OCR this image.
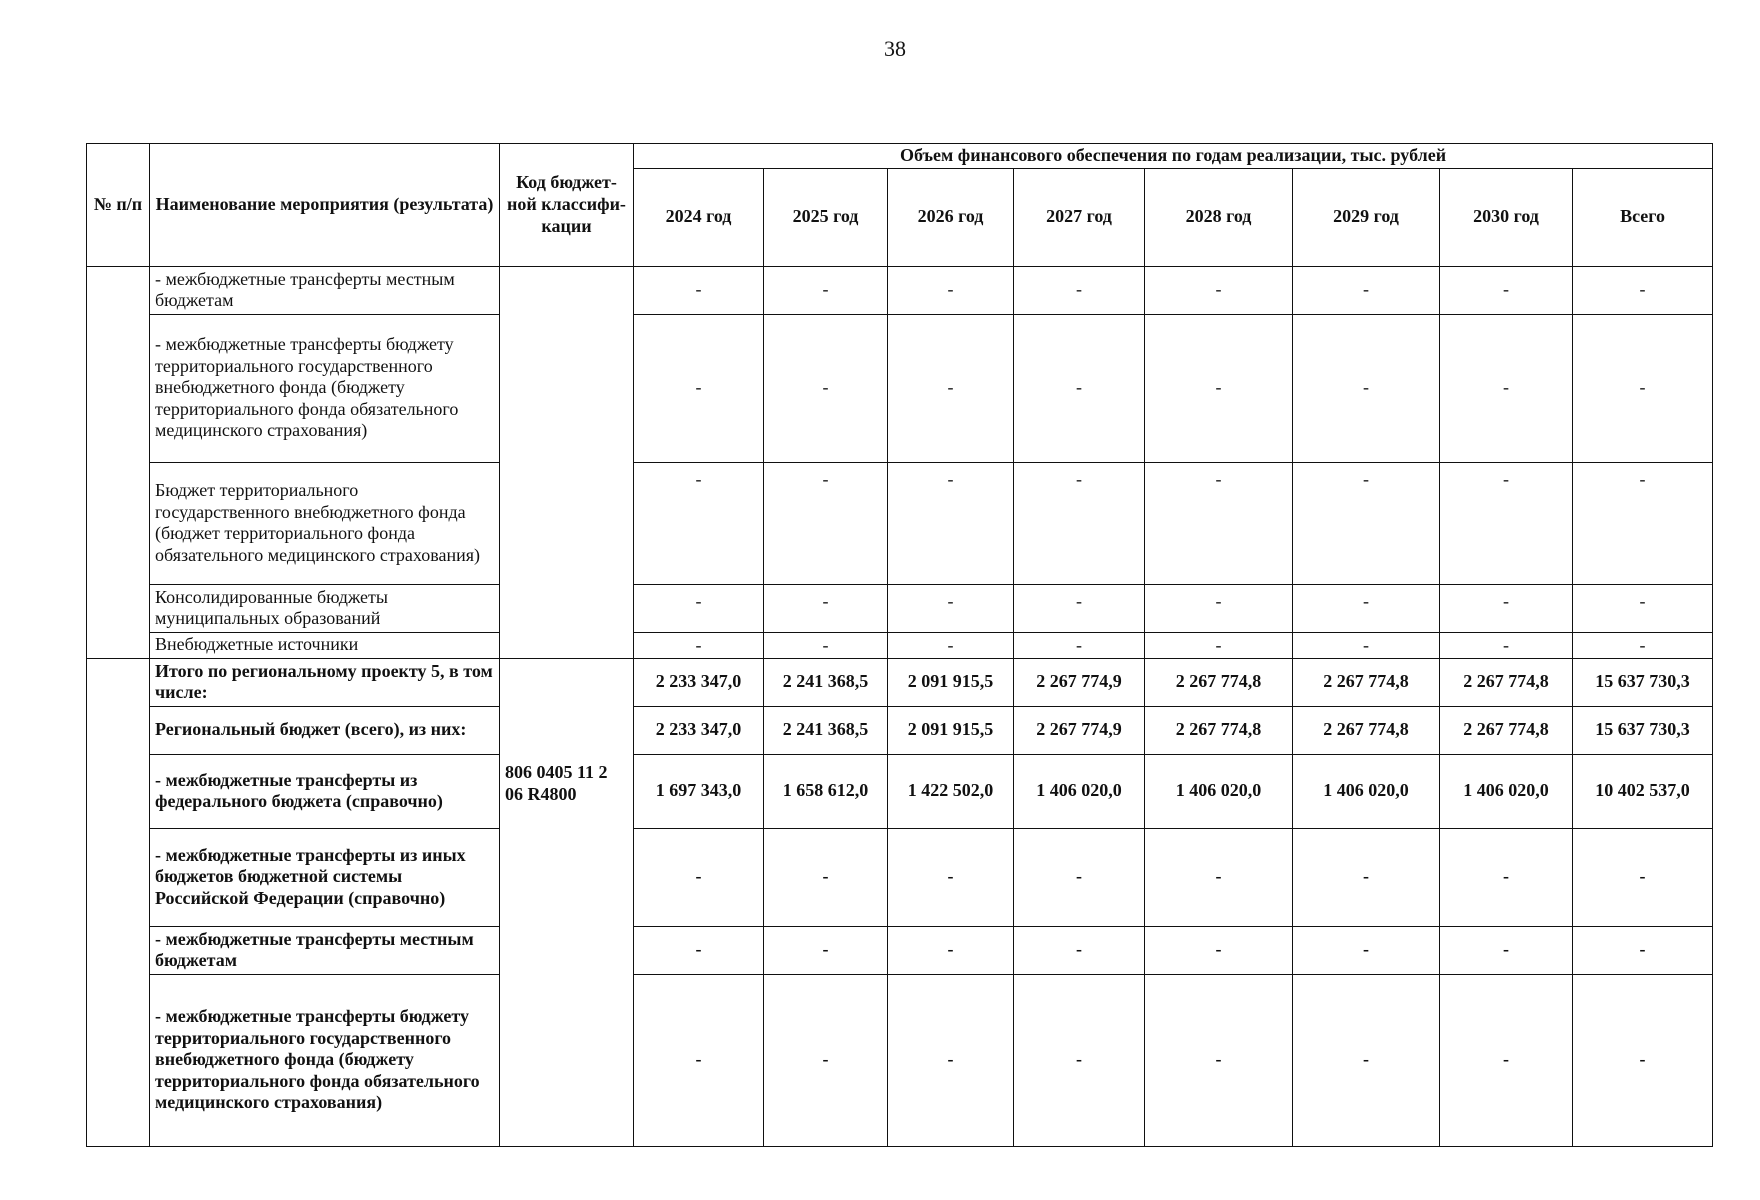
38
№ п/п	Наименование мероприятия (результата)	Код бюджет-ной классифи-кации	Объем финансового обеспечения по годам реализации, тыс. рублей							
			2024 год	2025 год	2026 год	2027 год	2028 год	2029 год	2030 год	Всего
	- межбюджетные трансферты местным бюджетам		-	-	-	-	-	-	-	-
	- межбюджетные трансферты бюджету территориального государственного внебюджетного фонда (бюджету территориального фонда обязательного медицинского страхования)		-	-	-	-	-	-	-	-
	Бюджет территориального государственного внебюджетного фонда (бюджет территориального фонда обязательного медицинского страхования)		-	-	-	-	-	-	-	-
	Консолидированные бюджеты муниципальных образований		-	-	-	-	-	-	-	-
	Внебюджетные источники		-	-	-	-	-	-	-	-
	Итого по региональному проекту 5, в том числе:	806 0405 11 2 06 R4800	2 233 347,0	2 241 368,5	2 091 915,5	2 267 774,9	2 267 774,8	2 267 774,8	2 267 774,8	15 637 730,3
	Региональный бюджет (всего), из них:		2 233 347,0	2 241 368,5	2 091 915,5	2 267 774,9	2 267 774,8	2 267 774,8	2 267 774,8	15 637 730,3
	- межбюджетные трансферты из федерального бюджета (справочно)		1 697 343,0	1 658 612,0	1 422 502,0	1 406 020,0	1 406 020,0	1 406 020,0	1 406 020,0	10 402 537,0
	- межбюджетные трансферты из иных бюджетов бюджетной системы Российской Федерации (справочно)		-	-	-	-	-	-	-	-
	- межбюджетные трансферты местным бюджетам		-	-	-	-	-	-	-	-
	- межбюджетные трансферты бюджету территориального государственного внебюджетного фонда (бюджету территориального фонда обязательного медицинского страхования)		-	-	-	-	-	-	-	-
